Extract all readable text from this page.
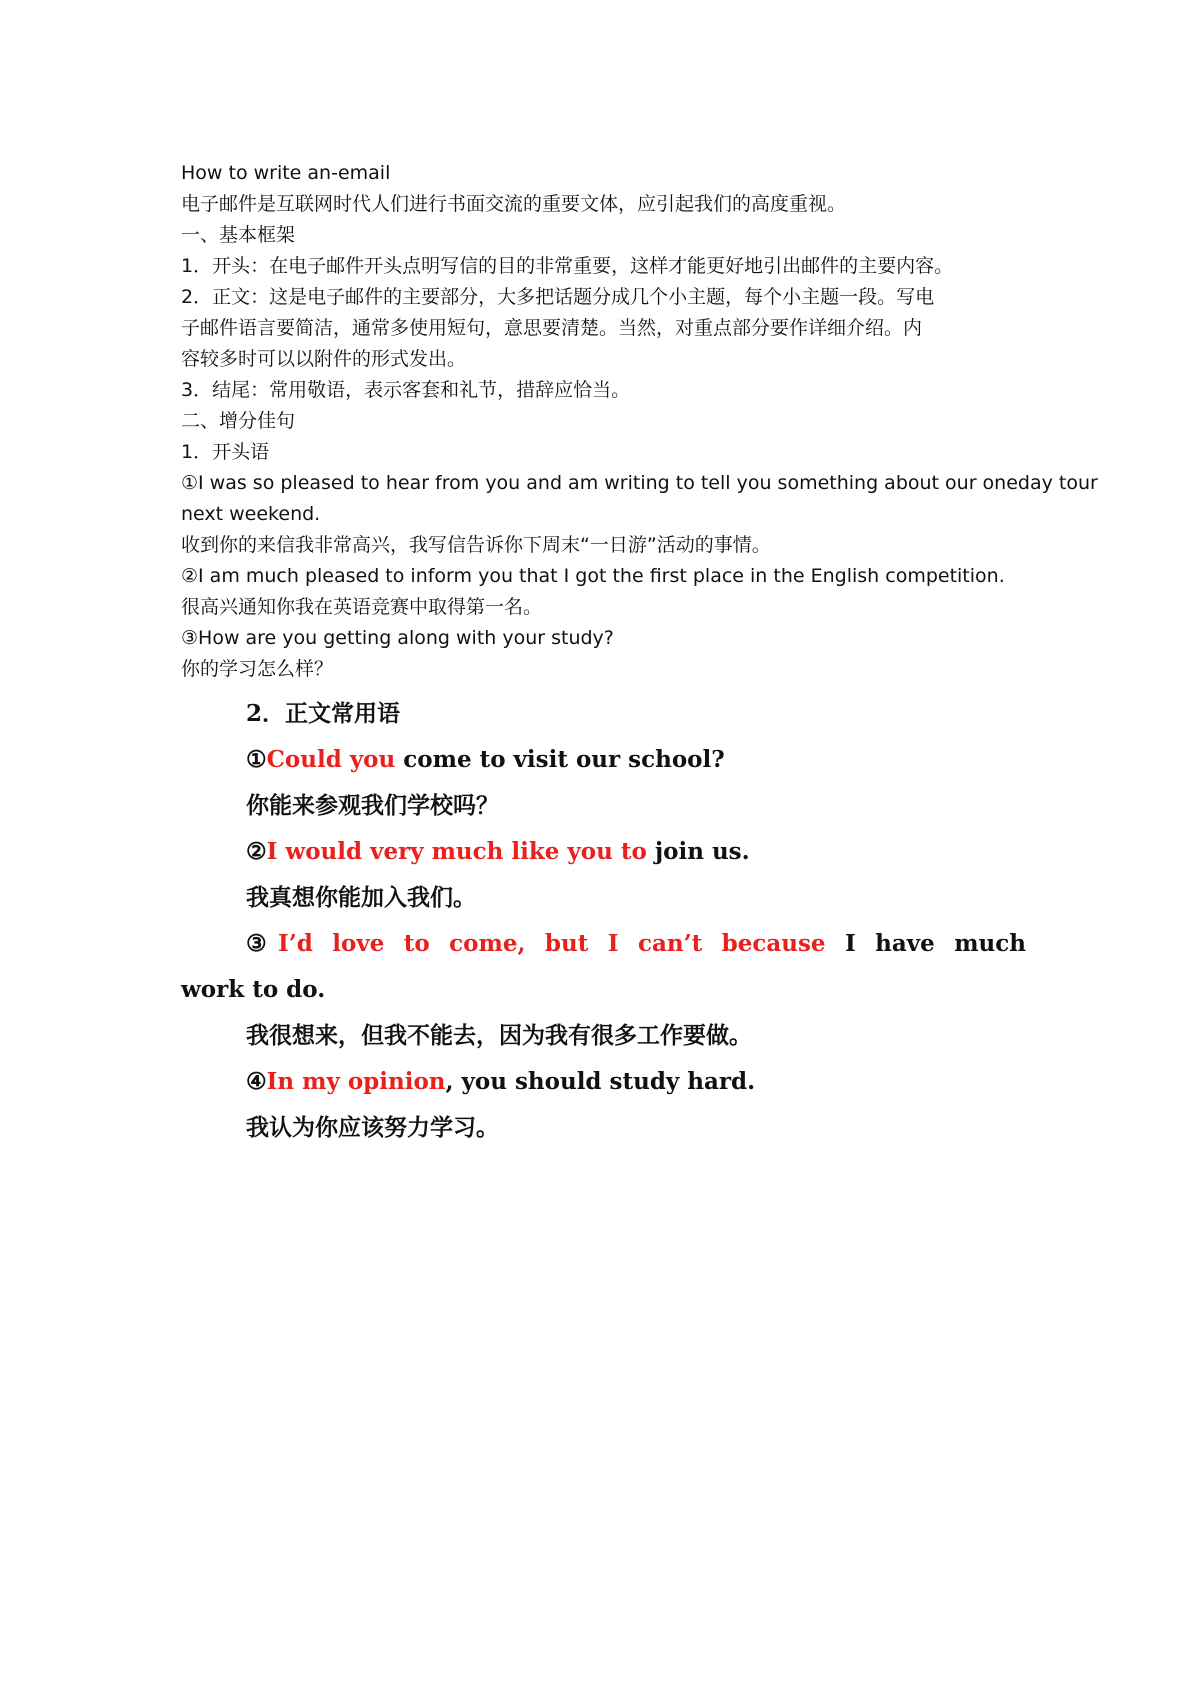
How to write an-email
电子邮件是互联网时代人们进行书面交流的重要文体，应引起我们的高度重视。
一、基本框架
1．开头：在电子邮件开头点明写信的目的非常重要，这样才能更好地引出邮件的主要内容。
2．正文：这是电子邮件的主要部分，大多把话题分成几个小主题，每个小主题一段。写电
子邮件语言要简洁，通常多使用短句，意思要清楚。当然，对重点部分要作详细介绍。内
容较多时可以以附件的形式发出。
3．结尾：常用敬语，表示客套和礼节，措辞应恰当。
二、增分佳句
1．开头语
①I was so pleased to hear from you and am writing to tell you something about our oneday tour
next weekend.
收到你的来信我非常高兴，我写信告诉你下周末“一日游”活动的事情。
②I am much pleased to inform you that I got the first place in the English competition.
很高兴通知你我在英语竞赛中取得第一名。
③How are you getting along with your study?
你的学习怎么样？
2．正文常用语
①Could you come to visit our school?
你能来参观我们学校吗？
②I would very much like you to join us.
我真想你能加入我们。
③I’d love to come, but I can’t because I have much
work to do.
我很想来，但我不能去，因为我有很多工作要做。
④In my opinion, you should study hard.
我认为你应该努力学习。
